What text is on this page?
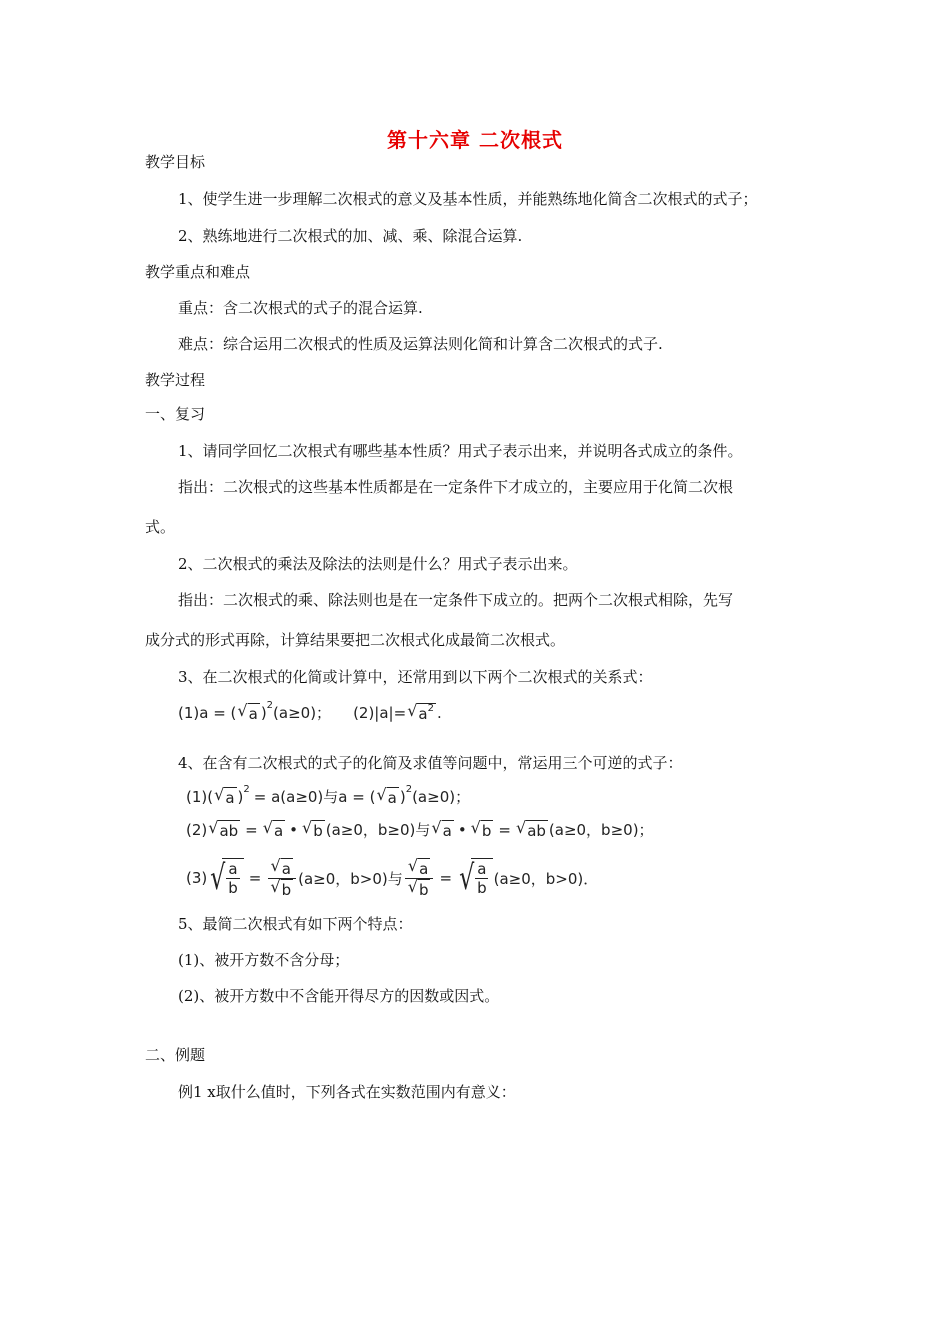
第十六章 二次根式
教学目标
1、使学生进一步理解二次根式的意义及基本性质，并能熟练地化简含二次根式的式子；
2、熟练地进行二次根式的加、减、乘、除混合运算.
教学重点和难点
重点：含二次根式的式子的混合运算.
难点：综合运用二次根式的性质及运算法则化简和计算含二次根式的式子.
教学过程
一、复习
1、请同学回忆二次根式有哪些基本性质？用式子表示出来，并说明各式成立的条件。
指出：二次根式的这些基本性质都是在一定条件下才成立的，主要应用于化简二次根
式。
2、二次根式的乘法及除法的法则是什么？用式子表示出来。
指出：二次根式的乘、除法则也是在一定条件下成立的。把两个二次根式相除，先写
成分式的形式再除，计算结果要把二次根式化成最简二次根式。
3、在二次根式的化简或计算中，还常用到以下两个二次根式的关系式：
(1)a = ( √ a ) 2 (a≥0)； (2)|a|= √ a 2 .
4、在含有二次根式的式子的化简及求值等问题中，常运用三个可逆的式子：
(1)( √ a ) 2 = a(a≥0)与a = ( √ a ) 2 (a≥0)；
(2) √ ab = √ a • √ b (a≥0，b≥0)与 √ a • √ b = √ ab (a≥0，b≥0)；
(3) √ $\frac{a}{b} = \frac{√ a}{√ b} (a\ge 0$，b>0)与 $\frac{√ a}{√ b}$ = √ $\frac{a}{b} (a\ge 0$，b>0)．
5、最简二次根式有如下两个特点：
(1)、被开方数不含分母；
(2)、被开方数中不含能开得尽方的因数或因式。
二、例题
例1 x取什么值时，下列各式在实数范围内有意义：
